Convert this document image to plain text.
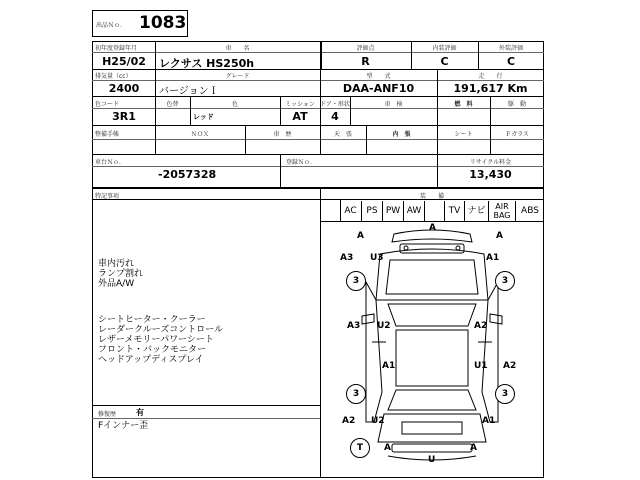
出品Ｎｏ． 1083
初年度登録年月
H25/02
車　　名
レクサス HS250h
評価点
R
内装評価
C
外装評価
C
排気量（cc）
2400
グレード
バージョンＩ
型　　式
DAA-ANF10
走　　行
191,617 Km
色コード
3R1
色替	色
レッド
ミッション
AT
ドア・形状
4
車　検	燃　料	駆　動
整備手帳	ＮＯＸ	車　歴	天　張	内　張	シート	Ｆガラス
車台Ｎｏ．
-2057328
登録Ｎｏ．	リサイクル料金
13,430
特記事項	装　　備
AC	PS PW AW	TV ナビ	AIR BAG	ABS
車内汚れ
ランプ割れ
外品A/W
シートヒーター・クーラー
レーダークルーズコントロール
レザーメモリーパワーシート
フロント・バックモニター
ヘッドアップディスプレイ
修復歴 有
Fインナー歪
A
A	A
A3 U3	A1
3	3
A3 U2	A2
A1	U1 A2
3	3
A2 U2	A1
T	A	A
U
